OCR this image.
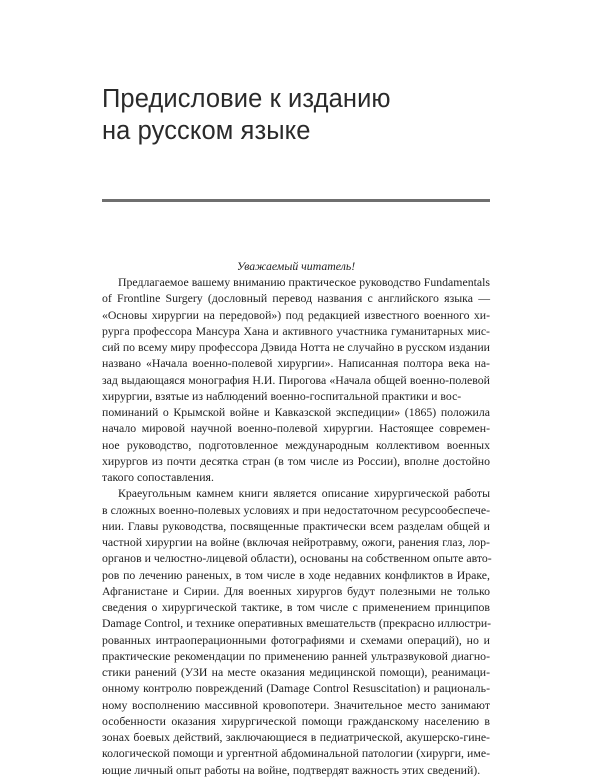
Предисловие к изданию
на русском языке
Уважаемый читатель!

Предлагаемое вашему вниманию практическое руководство Fundamentals
of Frontline Surgery (дословный перевод названия с английского языка —
«Основы хирургии на передовой») под редакцией известного военного хи-
рурга профессора Мансура Хана и активного участника гуманитарных мис-
сий по всему миру профессора Дэвида Нотта не случайно в русском издании
названо «Начала военно-полевой хирургии». Написанная полтора века на-
зад выдающаяся монография Н.И. Пирогова «Начала общей военно-полевой хирургии, взятые из наблюдений военно-госпитальной практики и вос-
поминаний о Крымской войне и Кавказской экспедиции» (1865) положила
начало мировой научной военно-полевой хирургии. Настоящее современ-
ное руководство, подготовленное международным коллективом военных
хирургов из почти десятка стран (в том числе из России), вполне достойно
такого сопоставления.

Краеугольным камнем книги является описание хирургической работы
в сложных военно-полевых условиях и при недостаточном ресурсообеспече-
нии. Главы руководства, посвященные практически всем разделам общей и
частной хирургии на войне (включая нейротравму, ожоги, ранения глаз, лор-
органов и челюстно-лицевой области), основаны на собственном опыте авто-
ров по лечению раненых, в том числе в ходе недавних конфликтов в Ираке,
Афганистане и Сирии. Для военных хирургов будут полезными не только
сведения о хирургической тактике, в том числе с применением принципов
Damage Control, и технике оперативных вмешательств (прекрасно иллюстри-
рованных интраоперационными фотографиями и схемами операций), но и
практические рекомендации по применению ранней ультразвуковой диагно-
стики ранений (УЗИ на месте оказания медицинской помощи), реанимаци-
онному контролю повреждений (Damage Control Resuscitation) и рациональ-
ному восполнению массивной кровопотери. Значительное место занимают
особенности оказания хирургической помощи гражданскому населению в
зонах боевых действий, заключающиеся в педиатрической, акушерско-гине-
кологической помощи и ургентной абдоминальной патологии (хирурги, име-
ющие личный опыт работы на войне, подтвердят важность этих сведений).
